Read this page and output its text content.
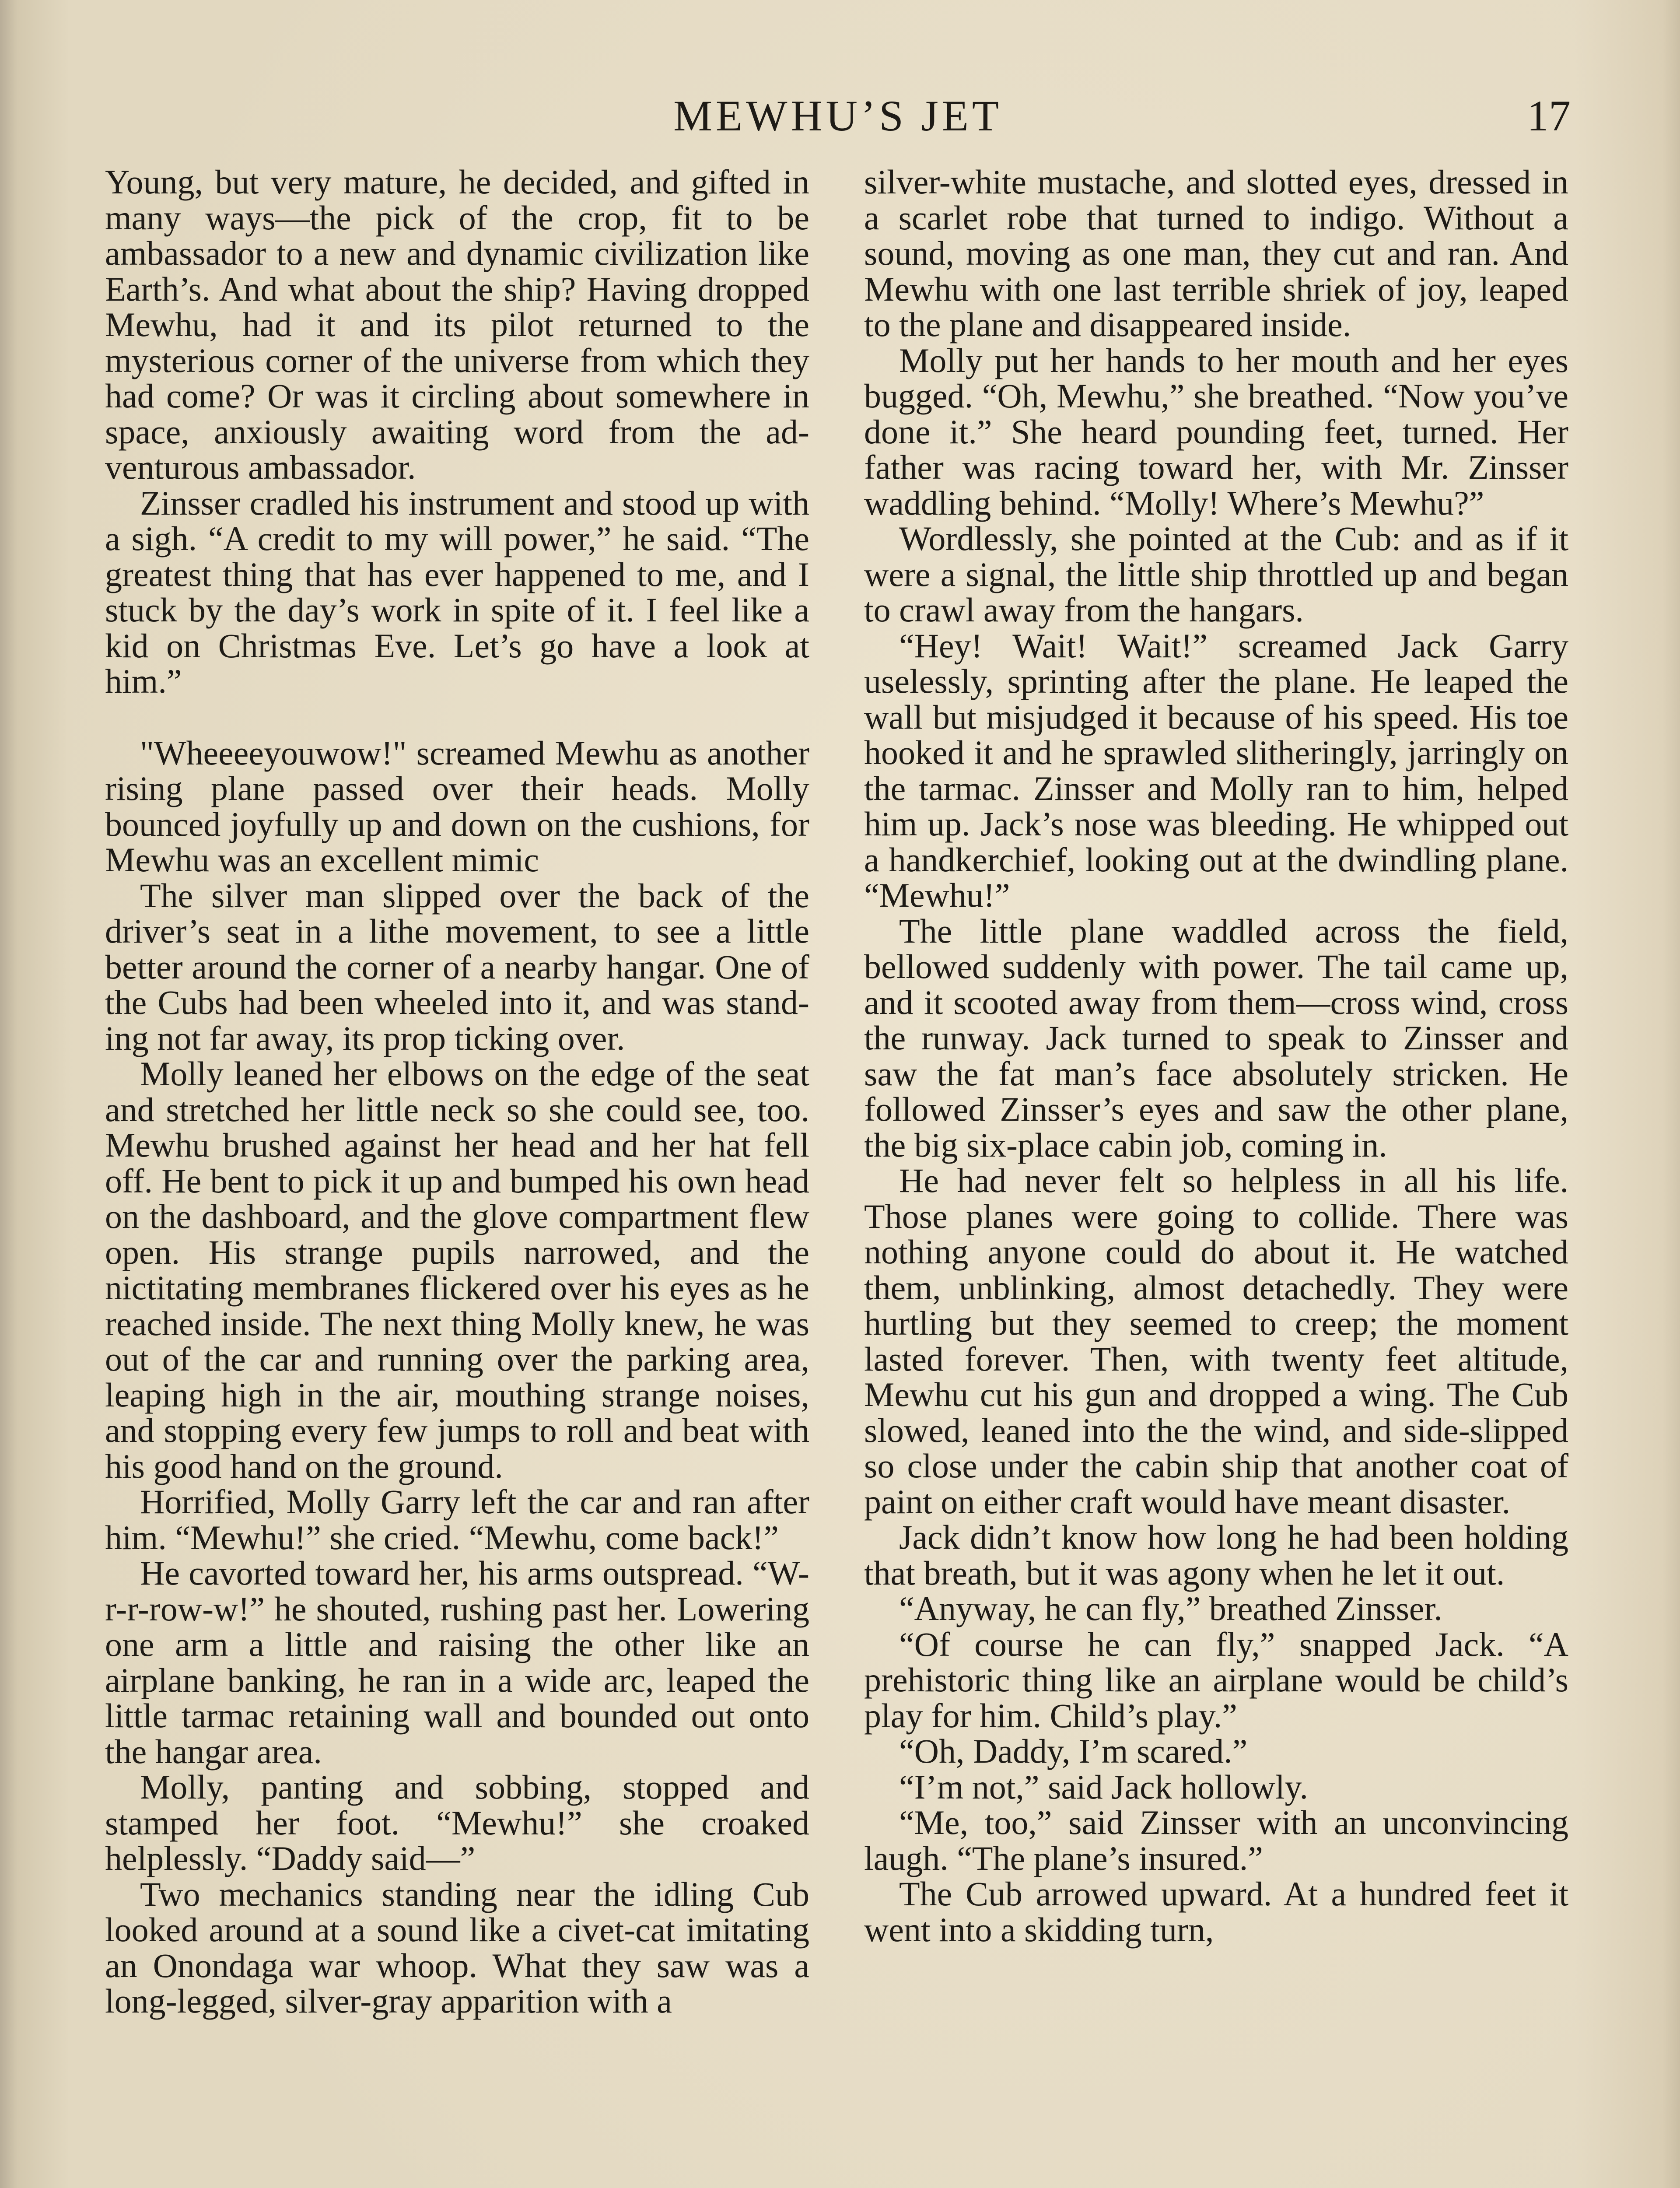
MEWHU’S JET	17

Young, but very mature, he decided, and gifted in many ways—the pick of the crop, fit to be ambassador to a new and dynamic civilization like Earth’s. And what about the ship? Having dropped Mewhu, had it and its pilot returned to the mysterious corner of the universe from which they had come? Or was it circling about somewhere in space, anxiously awaiting word from the adventurous ambassador.

Zinsser cradled his instrument and stood up with a sigh. “A credit to my will power,” he said. “The greatest thing that has ever happened to me, and I stuck by the day’s work in spite of it. I feel like a kid on Christmas Eve. Let’s go have a look at him.”

"Wheeeeyouwow!" screamed Mewhu as another rising plane passed over their heads. Molly bounced joyfully up and down on the cushions, for Mewhu was an excellent mimic

The silver man slipped over the back of the driver’s seat in a lithe movement, to see a little better around the corner of a nearby hangar. One of the Cubs had been wheeled into it, and was standing not far away, its prop ticking over.

Molly leaned her elbows on the edge of the seat and stretched her little neck so she could see, too. Mewhu brushed against her head and her hat fell off. He bent to pick it up and bumped his own head on the dashboard, and the glove compartment flew open. His strange pupils narrowed, and the nictitating membranes flickered over his eyes as he reached inside. The next thing Molly knew, he was out of the car and running over the parking area, leaping high in the air, mouthing strange noises, and stopping every few jumps to roll and beat with his good hand on the ground.

Horrified, Molly Garry left the car and ran after him. “Mewhu!” she cried. “Mewhu, come back!”

He cavorted toward her, his arms outspread. “W-r-r-row-w!” he shouted, rushing past her. Lowering one arm a little and raising the other like an airplane banking, he ran in a wide arc, leaped the little tarmac retaining wall and bounded out onto the hangar area.

Molly, panting and sobbing, stopped and stamped her foot. “Mewhu!” she croaked helplessly. “Daddy said—”

Two mechanics standing near the idling Cub looked around at a sound like a civet-cat imitating an Onondaga war whoop. What they saw was a long-legged, silver-gray apparition with a

silver-white mustache, and slotted eyes, dressed in a scarlet robe that turned to indigo. Without a sound, moving as one man, they cut and ran. And Mewhu with one last terrible shriek of joy, leaped to the plane and disappeared inside.

Molly put her hands to her mouth and her eyes bugged. “Oh, Mewhu,” she breathed. “Now you’ve done it.” She heard pounding feet, turned. Her father was racing toward her, with Mr. Zinsser waddling behind. “Molly! Where’s Mewhu?”

Wordlessly, she pointed at the Cub: and as if it were a signal, the little ship throttled up and began to crawl away from the hangars.

“Hey! Wait! Wait!” screamed Jack Garry uselessly, sprinting after the plane. He leaped the wall but misjudged it because of his speed. His toe hooked it and he sprawled slitheringly, jarringly on the tarmac. Zinsser and Molly ran to him, helped him up. Jack’s nose was bleeding. He whipped out a handkerchief, looking out at the dwindling plane. “Mewhu!”

The little plane waddled across the field, bellowed suddenly with power. The tail came up, and it scooted away from them—cross wind, cross the runway. Jack turned to speak to Zinsser and saw the fat man’s face absolutely stricken. He followed Zinsser’s eyes and saw the other plane, the big six-place cabin job, coming in.

He had never felt so helpless in all his life. Those planes were going to collide. There was nothing anyone could do about it. He watched them, unblinking, almost detachedly. They were hurtling but they seemed to creep; the moment lasted forever. Then, with twenty feet altitude, Mewhu cut his gun and dropped a wing. The Cub slowed, leaned into the the wind, and side-slipped so close under the cabin ship that another coat of paint on either craft would have meant disaster.

Jack didn’t know how long he had been holding that breath, but it was agony when he let it out.

“Anyway, he can fly,” breathed Zinsser.

“Of course he can fly,” snapped Jack. “A prehistoric thing like an airplane would be child’s play for him. Child’s play.”

“Oh, Daddy, I’m scared.”

“I’m not,” said Jack hollowly.

“Me, too,” said Zinsser with an unconvincing laugh. “The plane’s insured.”

The Cub arrowed upward. At a hundred feet it went into a skidding turn,
